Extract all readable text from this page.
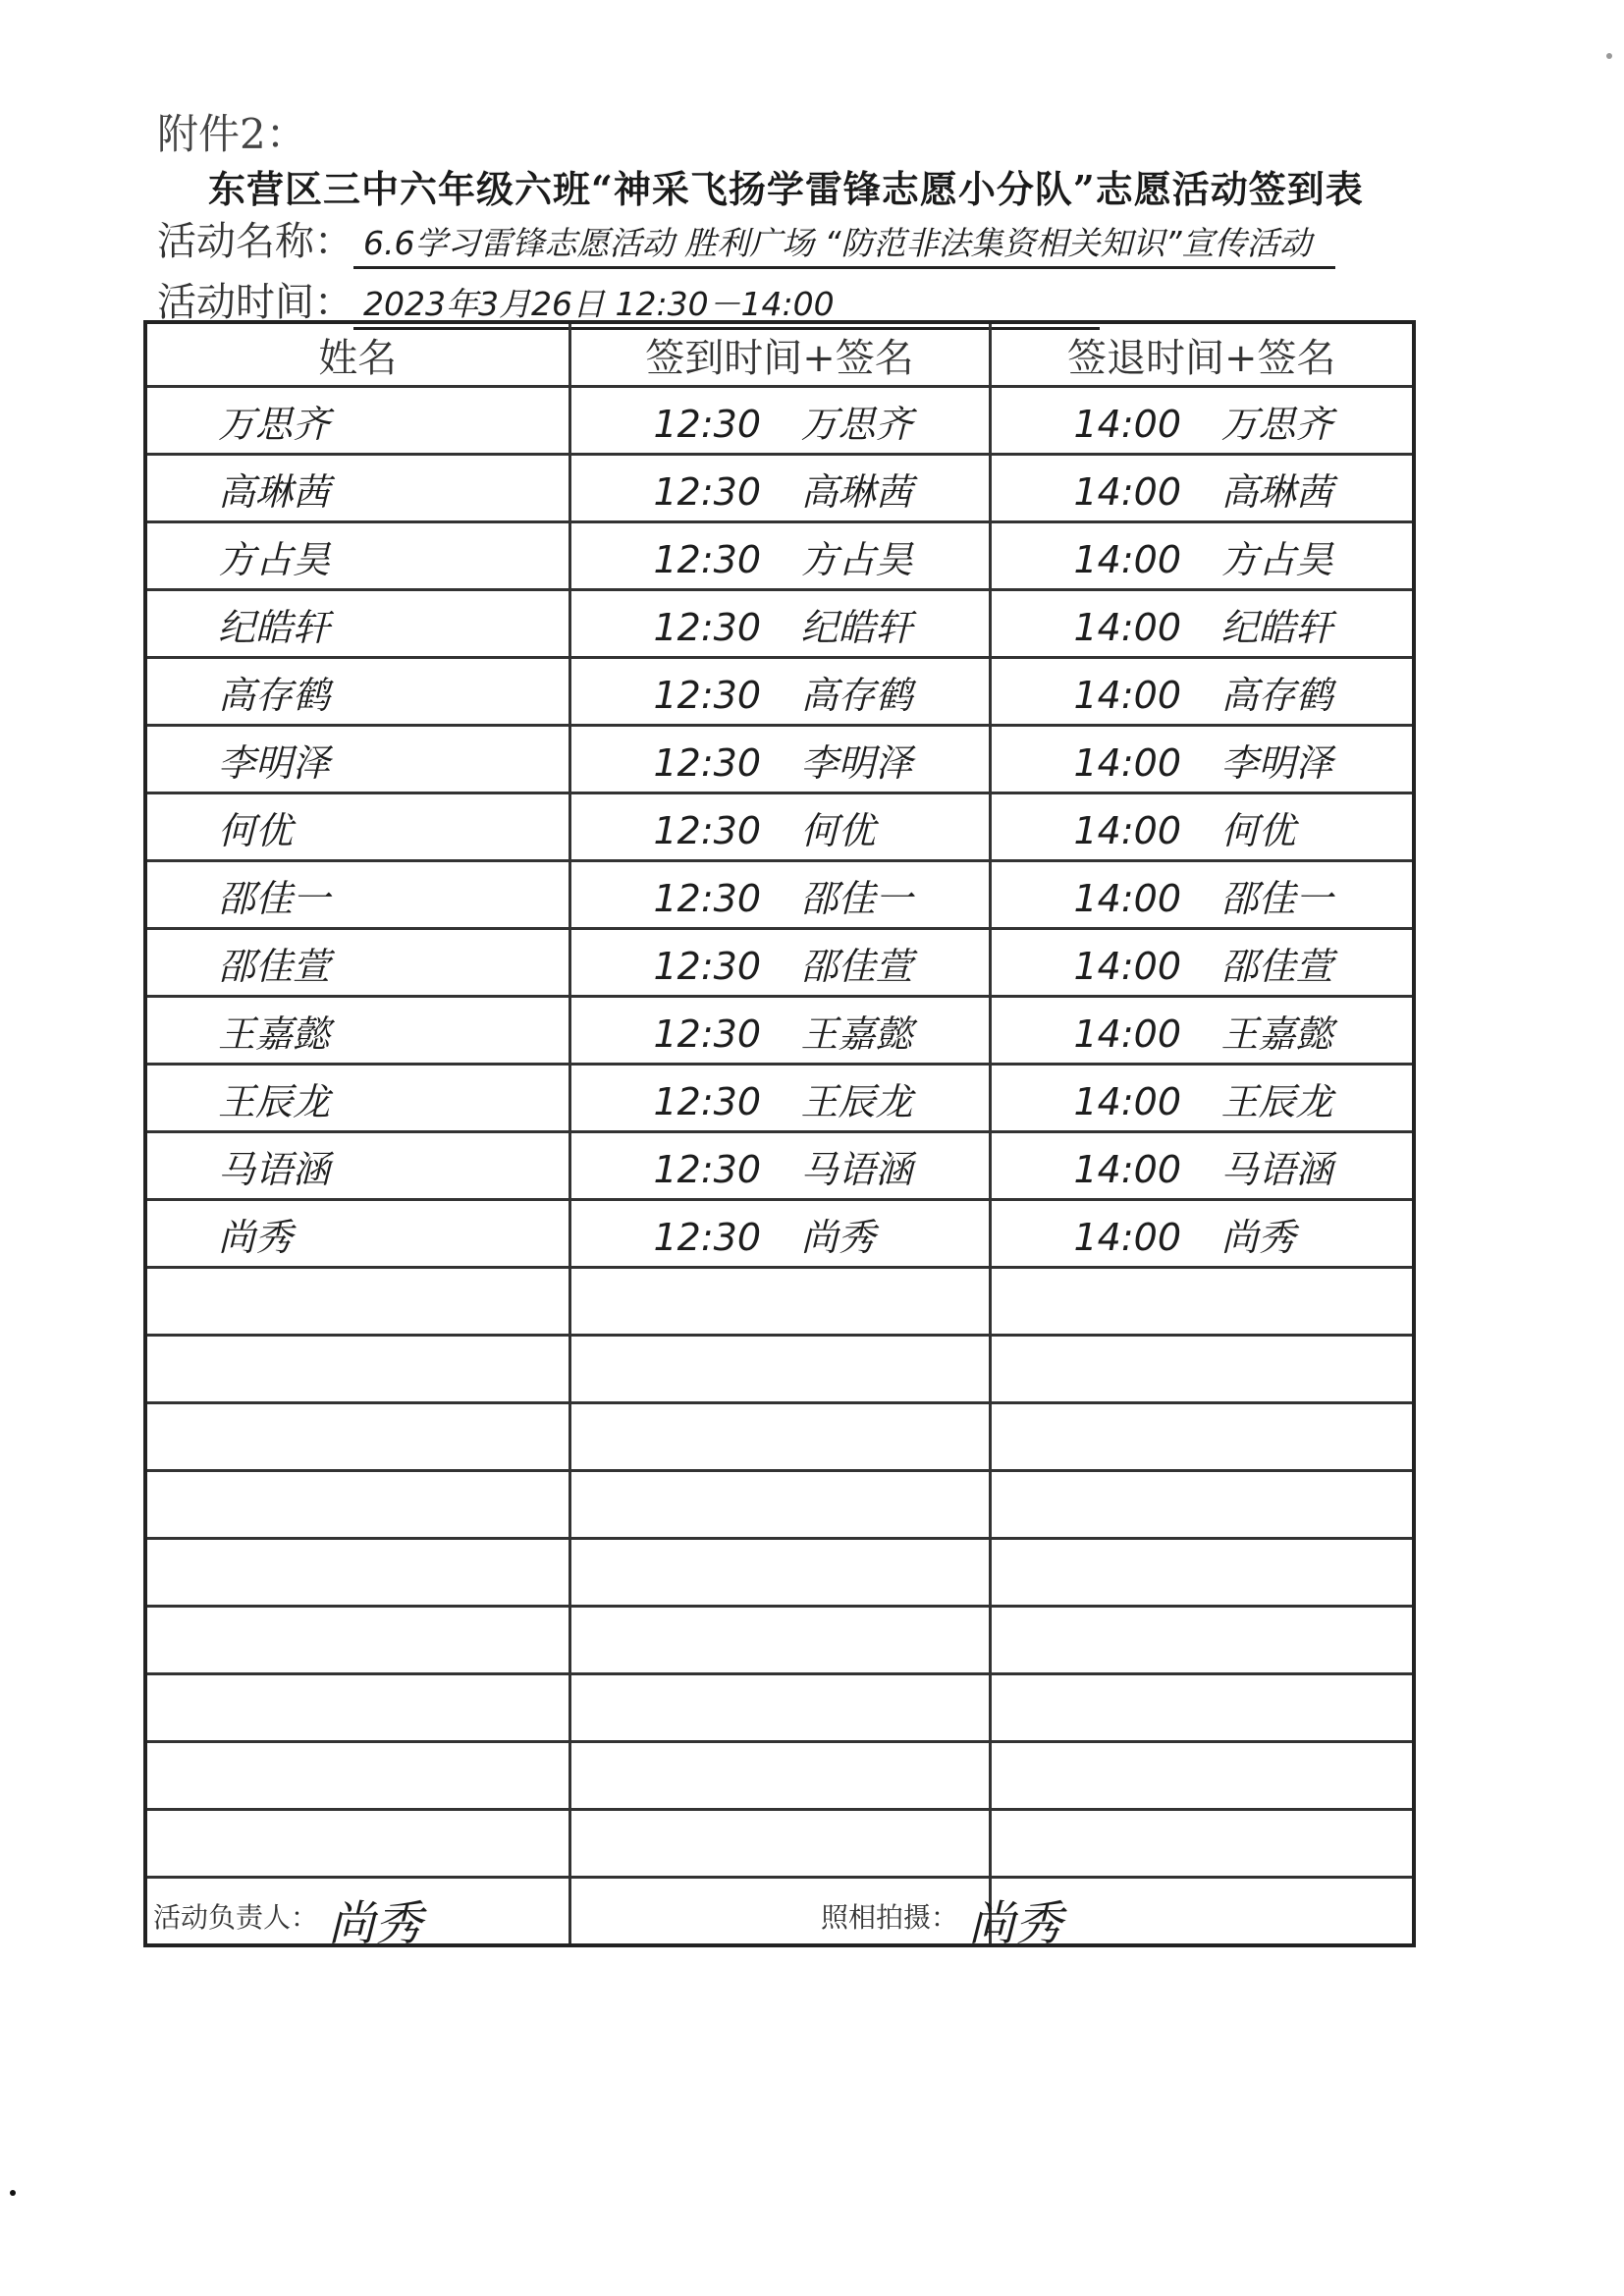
附件2：
东营区三中六年级六班“神采飞扬学雷锋志愿小分队”志愿活动签到表
活动名称： 6.6学习雷锋志愿活动 胜利广场 “防范非法集资相关知识”宣传活动
活动时间： 2023年3月26日 12:30－14:00
姓名	签到时间+签名	签退时间+签名
万思齐	12:30 万思齐	14:00 万思齐
高琳茜	12:30 高琳茜	14:00 高琳茜
方占昊	12:30 方占昊	14:00 方占昊
纪皓轩	12:30 纪皓轩	14:00 纪皓轩
高存鹤	12:30 高存鹤	14:00 高存鹤
李明泽	12:30 李明泽	14:00 李明泽
何优	12:30 何优	14:00 何优
邵佳一	12:30 邵佳一	14:00 邵佳一
邵佳萱	12:30 邵佳萱	14:00 邵佳萱
王嘉懿	12:30 王嘉懿	14:00 王嘉懿
王辰龙	12:30 王辰龙	14:00 王辰龙
马语涵	12:30 马语涵	14:00 马语涵
尚秀	12:30 尚秀	14:00 尚秀

活动负责人： 尚秀	照相拍摄： 尚秀
